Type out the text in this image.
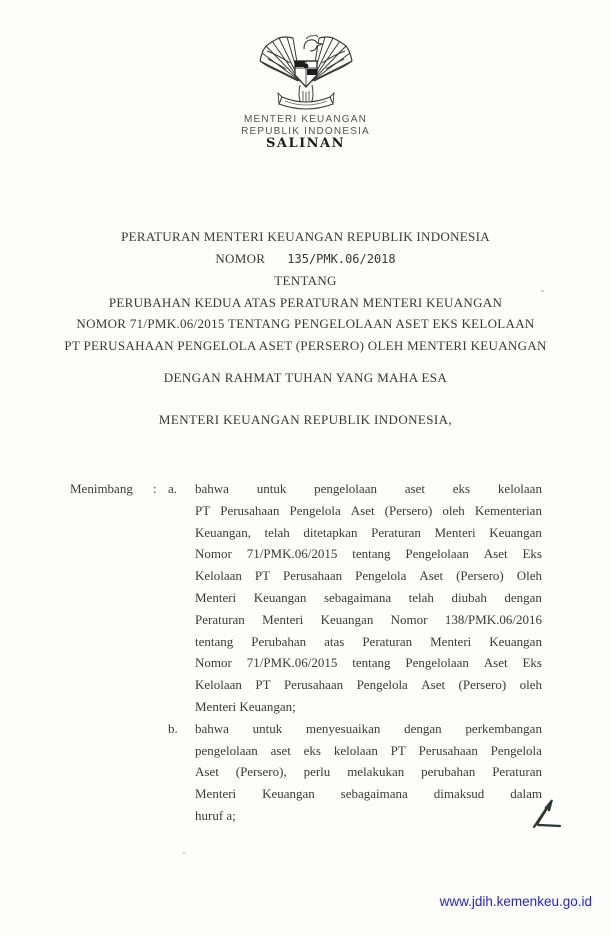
MENTERI KEUANGAN
REPUBLIK INDONESIA
SALINAN
PERATURAN MENTERI KEUANGAN REPUBLIK INDONESIA
NOMOR 135/PMK.06/2018
TENTANG
PERUBAHAN KEDUA ATAS PERATURAN MENTERI KEUANGAN
NOMOR 71/PMK.06/2015 TENTANG PENGELOLAAN ASET EKS KELOLAAN
PT PERUSAHAAN PENGELOLA ASET (PERSERO) OLEH MENTERI KEUANGAN
DENGAN RAHMAT TUHAN YANG MAHA ESA
MENTERI KEUANGAN REPUBLIK INDONESIA,
Menimbang	: a.	bahwa untuk pengelolaan aset eks kelolaan
PT Perusahaan Pengelola Aset (Persero) oleh Kementerian
Keuangan, telah ditetapkan Peraturan Menteri Keuangan
Nomor 71/PMK.06/2015 tentang Pengelolaan Aset Eks
Kelolaan PT Perusahaan Pengelola Aset (Persero) Oleh
Menteri Keuangan sebagaimana telah diubah dengan
Peraturan Menteri Keuangan Nomor 138/PMK.06/2016
tentang Perubahan atas Peraturan Menteri Keuangan
Nomor 71/PMK.06/2015 tentang Pengelolaan Aset Eks
Kelolaan PT Perusahaan Pengelola Aset (Persero) oleh
Menteri Keuangan;
b.	bahwa untuk menyesuaikan dengan perkembangan
pengelolaan aset eks kelolaan PT Perusahaan Pengelola
Aset (Persero), perlu melakukan perubahan Peraturan
Menteri Keuangan sebagaimana dimaksud dalam
huruf a;
www.jdih.kemenkeu.go.id
